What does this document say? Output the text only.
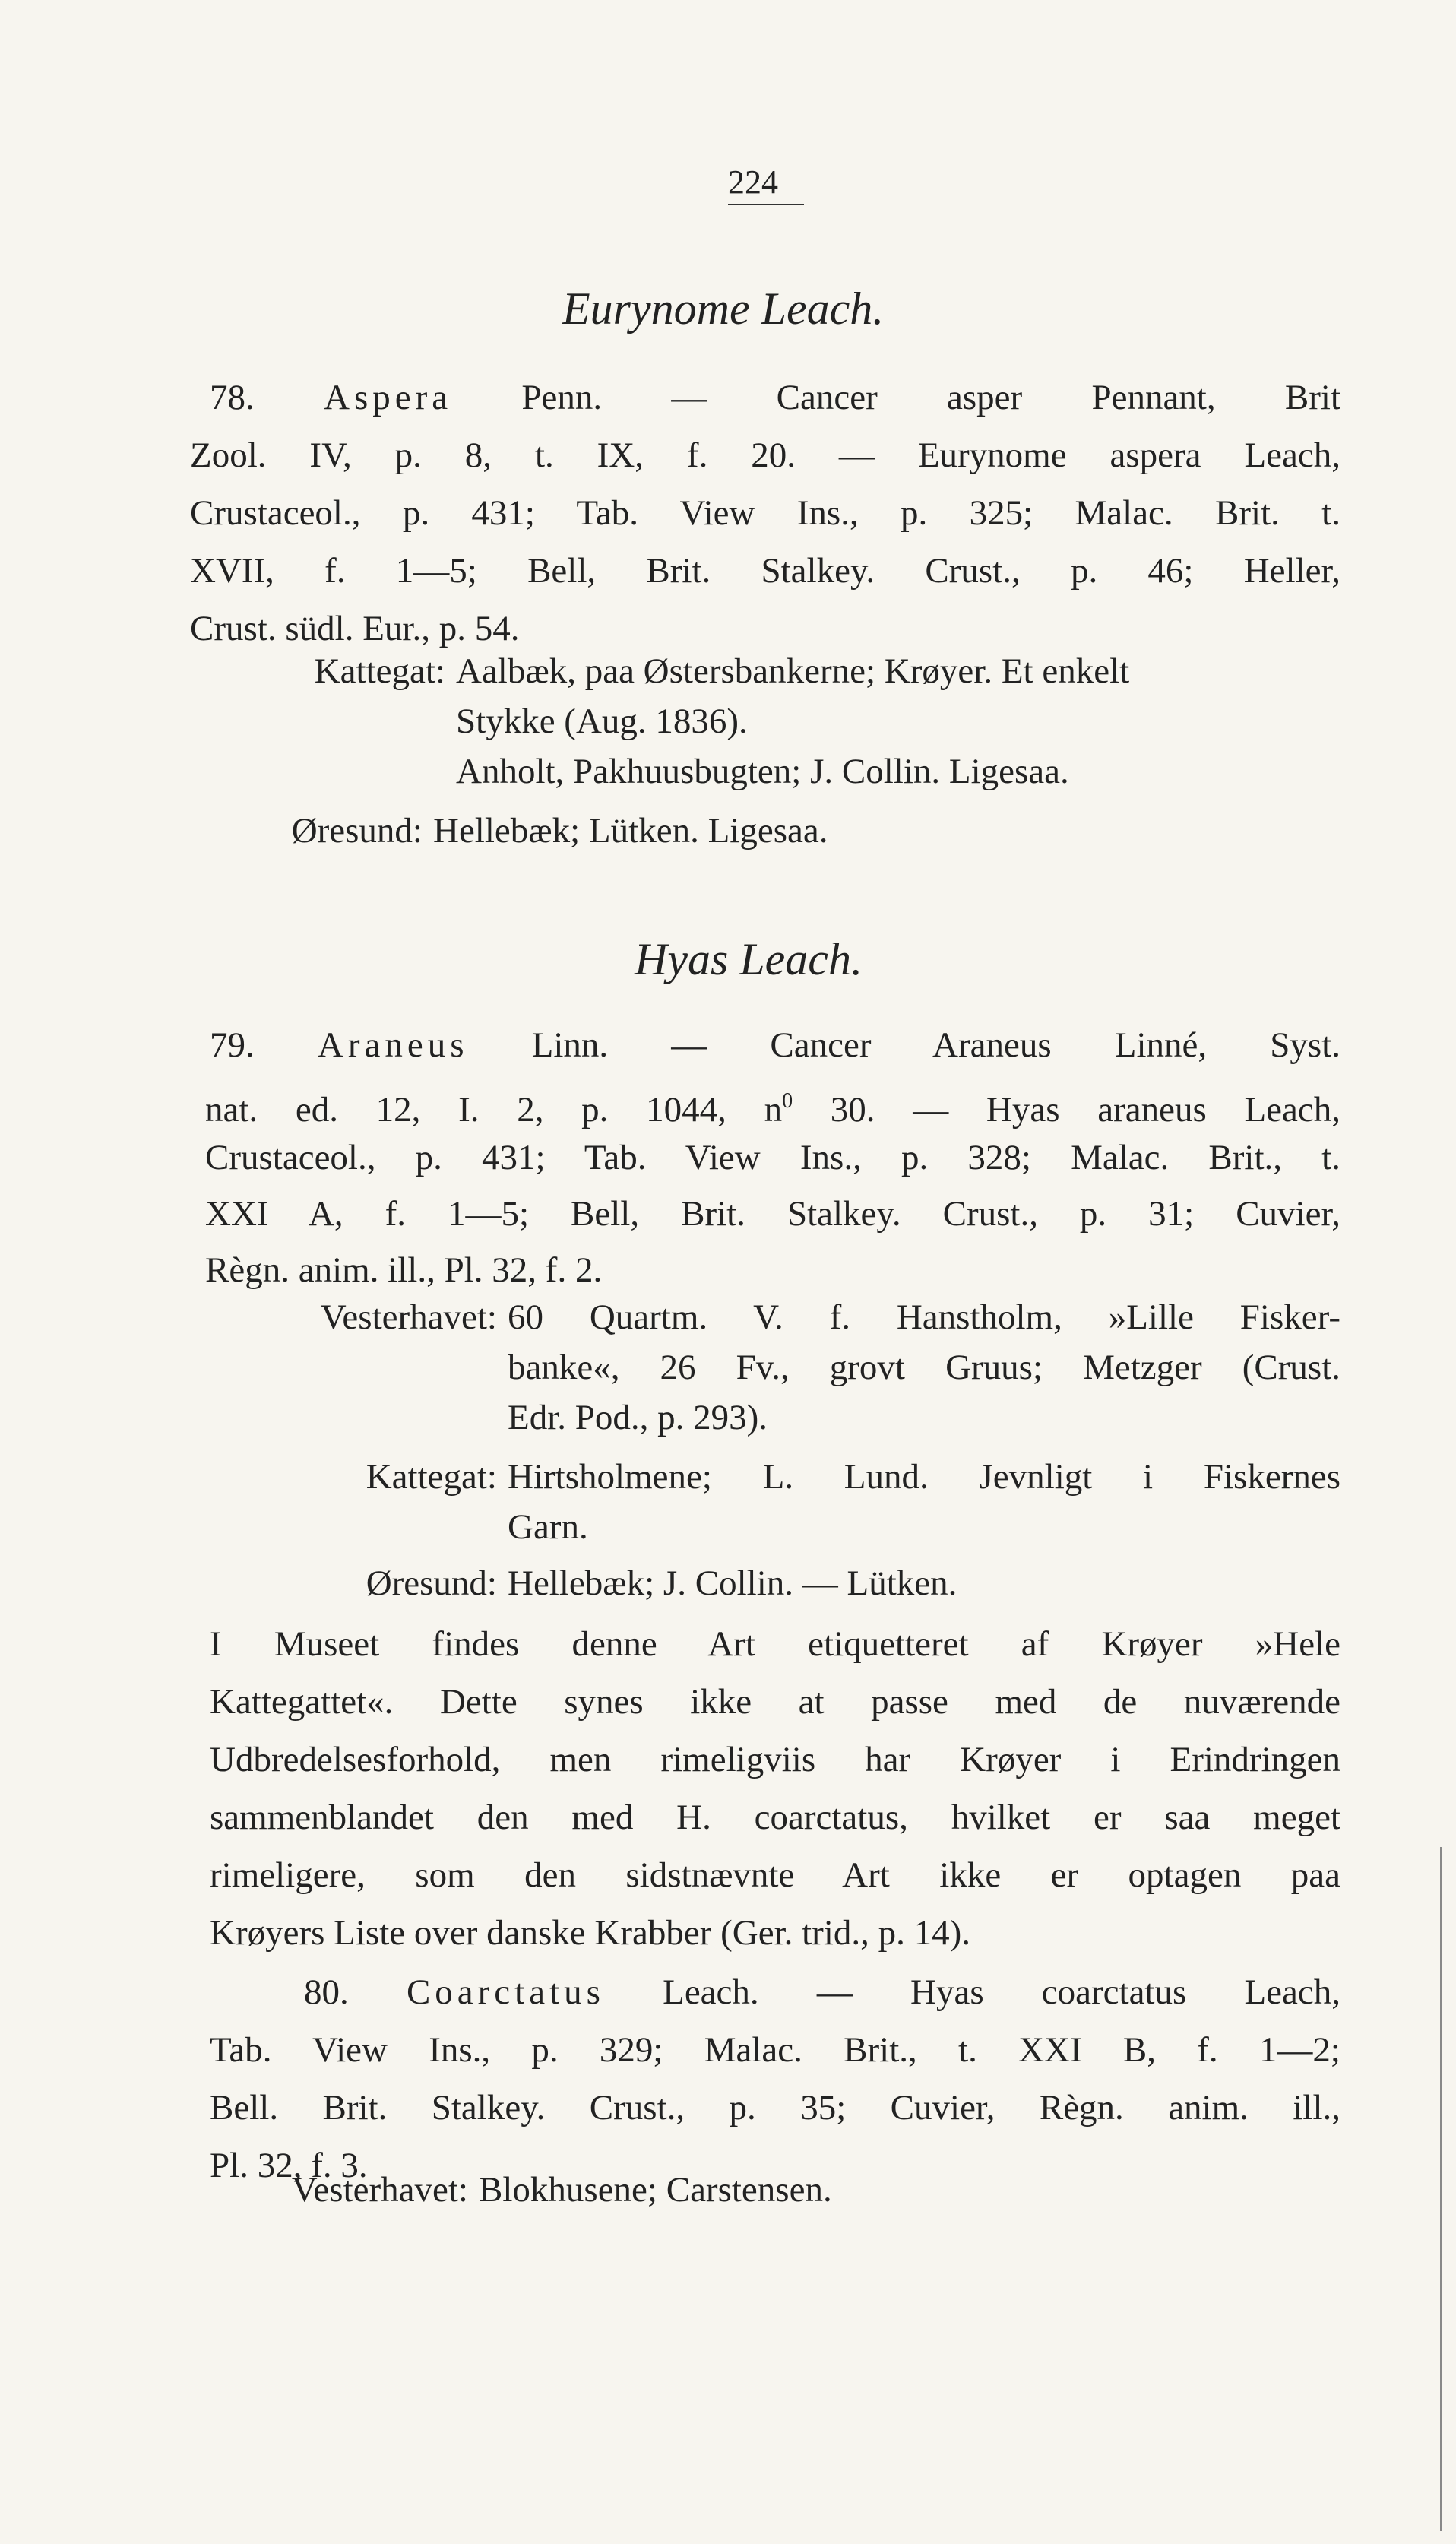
224
Eurynome Leach.
78. Aspera Penn. — Cancer asper Pennant, Brit
Zool. IV, p. 8, t. IX, f. 20. — Eurynome aspera Leach,
Crustaceol., p. 431; Tab. View Ins., p. 325; Malac. Brit. t.
XVII, f. 1—5; Bell, Brit. Stalkey. Crust., p. 46; Heller,
Crust. südl. Eur., p. 54.
Kattegat: Aalbæk, paa Østersbankerne; Krøyer. Et enkelt
Stykke (Aug. 1836).
Anholt, Pakhuusbugten; J. Collin. Ligesaa.
Øresund: Hellebæk; Lütken. Ligesaa.
Hyas Leach.
79. Araneus Linn. — Cancer Araneus Linné, Syst.
nat. ed. 12, I. 2, p. 1044, $n^0$ 30. — Hyas araneus Leach,
Crustaceol., p. 431; Tab. View Ins., p. 328; Malac. Brit., t.
XXI A, f. 1—5; Bell, Brit. Stalkey. Crust., p. 31; Cuvier,
Règn. anim. ill., Pl. 32, f. 2.
Vesterhavet: 60 Quartm. V. f. Hanstholm, »Lille Fisker-
banke«, 26 Fv., grovt Gruus; Metzger (Crust.
Edr. Pod., p. 293).
Kattegat: Hirtsholmene; L. Lund. Jevnligt i Fiskernes
Garn.
Øresund: Hellebæk; J. Collin. — Lütken.
I Museet findes denne Art etiquetteret af Krøyer »Hele
Kattegattet«. Dette synes ikke at passe med de nuværende
Udbredelsesforhold, men rimeligviis har Krøyer i Erindringen
sammenblandet den med H. coarctatus, hvilket er saa meget
rimeligere, som den sidstnævnte Art ikke er optagen paa
Krøyers Liste over danske Krabber (Ger. trid., p. 14).
80. Coarctatus Leach. — Hyas coarctatus Leach,
Tab. View Ins., p. 329; Malac. Brit., t. XXI B, f. 1—2;
Bell. Brit. Stalkey. Crust., p. 35; Cuvier, Règn. anim. ill.,
Pl. 32, f. 3.
Vesterhavet: Blokhusene; Carstensen.
